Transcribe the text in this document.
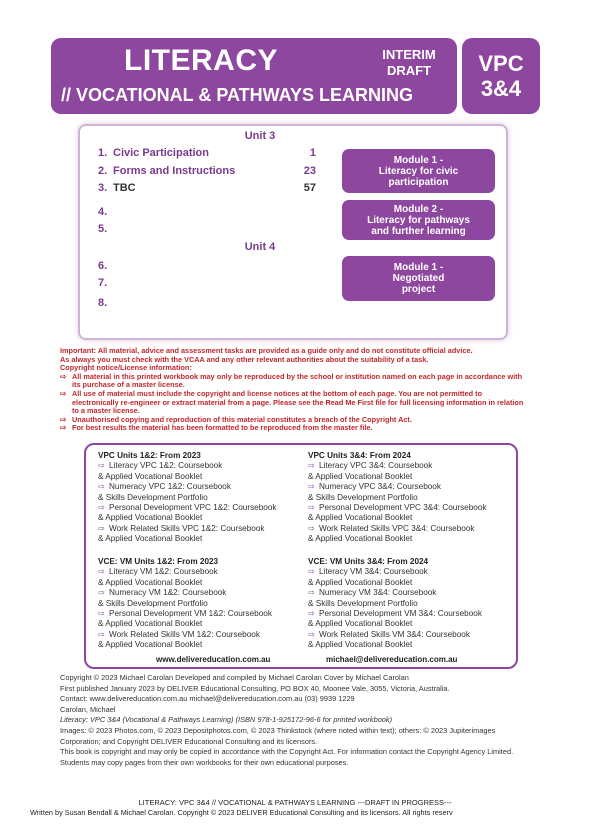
LITERACY	INTERIM
DRAFT
// VOCATIONAL & PATHWAYS LEARNING
VPC
3&4
Unit 3
1. Civic Participation	1
2. Forms and Instructions	23
3. TBC	57
4.
5.
Unit 4
6.
7.
8.
Module 1 -
Literacy for civic
participation
Module 2 -
Literacy for pathways
and further learning
Module 1 -
Negotiated
project
Important: All material, advice and assessment tasks are provided as a guide only and do not constitute official advice.
As always you must check with the VCAA and any other relevant authorities about the suitability of a task.
Copyright notice/License information:
⇨ All material in this printed workbook may only be reproduced by the school or institution named on each page in accordance with its purchase of a master license.
⇨ All use of material must include the copyright and license notices at the bottom of each page. You are not permitted to electronically re-engineer or extract material from a page. Please see the Read Me First file for full licensing information in relation to a master license.
⇨ Unauthorised copying and reproduction of this material constitutes a breach of the Copyright Act.
⇨ For best results the material has been formatted to be reproduced from the master file.
VPC Units 1&2: From 2023
⇨ Literacy VPC 1&2: Coursebook
& Applied Vocational Booklet
⇨ Numeracy VPC 1&2: Coursebook
& Skills Development Portfolio
⇨ Personal Development VPC 1&2: Coursebook
& Applied Vocational Booklet
⇨ Work Related Skills VPC 1&2: Coursebook
& Applied Vocational Booklet
VPC Units 3&4: From 2024
⇨ Literacy VPC 3&4: Coursebook
& Applied Vocational Booklet
⇨ Numeracy VPC 3&4: Coursebook
& Skills Development Portfolio
⇨ Personal Development VPC 3&4: Coursebook
& Applied Vocational Booklet
⇨ Work Related Skills VPC 3&4: Coursebook
& Applied Vocational Booklet
VCE: VM Units 1&2: From 2023
⇨ Literacy VM 1&2: Coursebook
& Applied Vocational Booklet
⇨ Numeracy VM 1&2: Coursebook
& Skills Development Portfolio
⇨ Personal Development VM 1&2: Coursebook
& Applied Vocational Booklet
⇨ Work Related Skills VM 1&2: Coursebook
& Applied Vocational Booklet
VCE: VM Units 3&4: From 2024
⇨ Literacy VM 3&4: Coursebook
& Applied Vocational Booklet
⇨ Numeracy VM 3&4: Coursebook
& Skills Development Portfolio
⇨ Personal Development VM 3&4: Coursebook
& Applied Vocational Booklet
⇨ Work Related Skills VM 3&4: Coursebook
& Applied Vocational Booklet
www.delivereducation.com.au	michael@delivereducation.com.au
Copyright © 2023 Michael Carolan Developed and compiled by Michael Carolan Cover by Michael Carolan
First published January 2023 by DELIVER Educational Consulting, PO BOX 40, Moonee Vale, 3055, Victoria, Australia.
Contact: www.delivereducation.com.au michael@delivereducation.com.au (03) 9939 1229
Carolan, Michael
Literacy: VPC 3&4 (Vocational & Pathways Learning) (ISBN 978-1-925172-96-6 for printed workbook)
Images: © 2023 Photos.com, © 2023 Depositphotos.com, © 2023 Thinkstock (where noted within text); others: © 2023 Jupiterimages Corporation; and Copyright DELIVER Educational Consulting and its licensors.
This book is copyright and may only be copied in accordance with the Copyright Act. For information contact the Copyright Agency Limited. Students may copy pages from their own workbooks for their own educational purposes.
LITERACY: VPC 3&4 // VOCATIONAL & PATHWAYS LEARNING ---DRAFT IN PROGRESS---
Written by Susan Bendall & Michael Carolan. Copyright © 2023 DELIVER Educational Consulting and its licensors. All rights reserv
